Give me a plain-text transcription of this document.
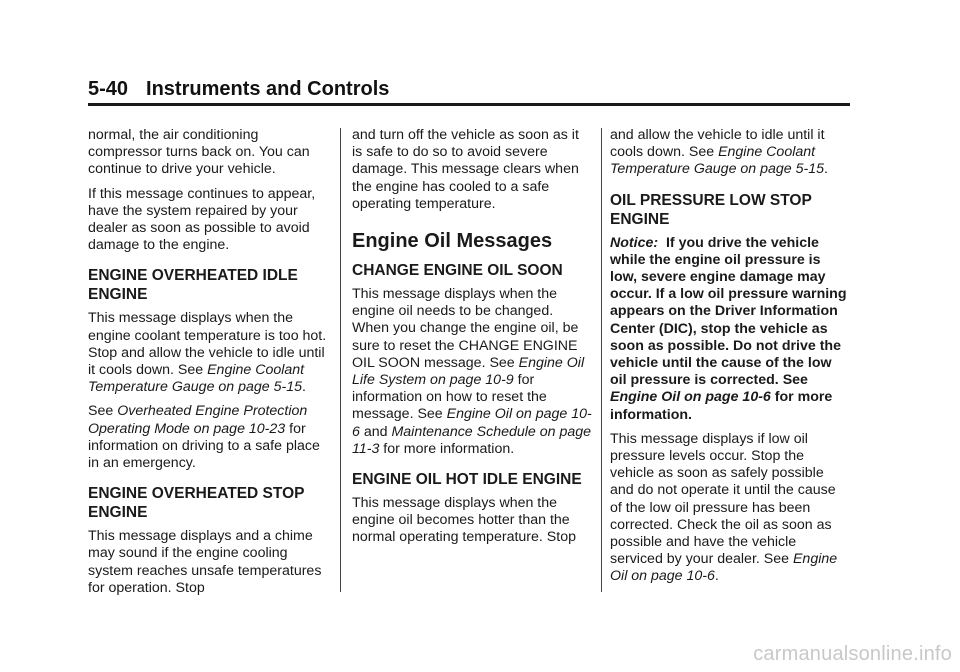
5-40 Instruments and Controls

normal, the air conditioning compressor turns back on. You can continue to drive your vehicle.

If this message continues to appear, have the system repaired by your dealer as soon as possible to avoid damage to the engine.

ENGINE OVERHEATED IDLE ENGINE

This message displays when the engine coolant temperature is too hot. Stop and allow the vehicle to idle until it cools down. See Engine Coolant Temperature Gauge on page 5-15.

See Overheated Engine Protection Operating Mode on page 10-23 for information on driving to a safe place in an emergency.

ENGINE OVERHEATED STOP ENGINE

This message displays and a chime may sound if the engine cooling system reaches unsafe temperatures for operation. Stop

and turn off the vehicle as soon as it is safe to do so to avoid severe damage. This message clears when the engine has cooled to a safe operating temperature.

Engine Oil Messages
CHANGE ENGINE OIL SOON

This message displays when the engine oil needs to be changed. When you change the engine oil, be sure to reset the CHANGE ENGINE OIL SOON message. See Engine Oil Life System on page 10-9 for information on how to reset the message. See Engine Oil on page 10-6 and Maintenance Schedule on page 11-3 for more information.

ENGINE OIL HOT IDLE ENGINE

This message displays when the engine oil becomes hotter than the normal operating temperature. Stop

and allow the vehicle to idle until it cools down. See Engine Coolant Temperature Gauge on page 5-15.

OIL PRESSURE LOW STOP ENGINE

Notice:  If you drive the vehicle while the engine oil pressure is low, severe engine damage may occur. If a low oil pressure warning appears on the Driver Information Center (DIC), stop the vehicle as soon as possible. Do not drive the vehicle until the cause of the low oil pressure is corrected. See Engine Oil on page 10-6 for more information.

This message displays if low oil pressure levels occur. Stop the vehicle as soon as safely possible and do not operate it until the cause of the low oil pressure has been corrected. Check the oil as soon as possible and have the vehicle serviced by your dealer. See Engine Oil on page 10-6.

carmanualsonline.info
